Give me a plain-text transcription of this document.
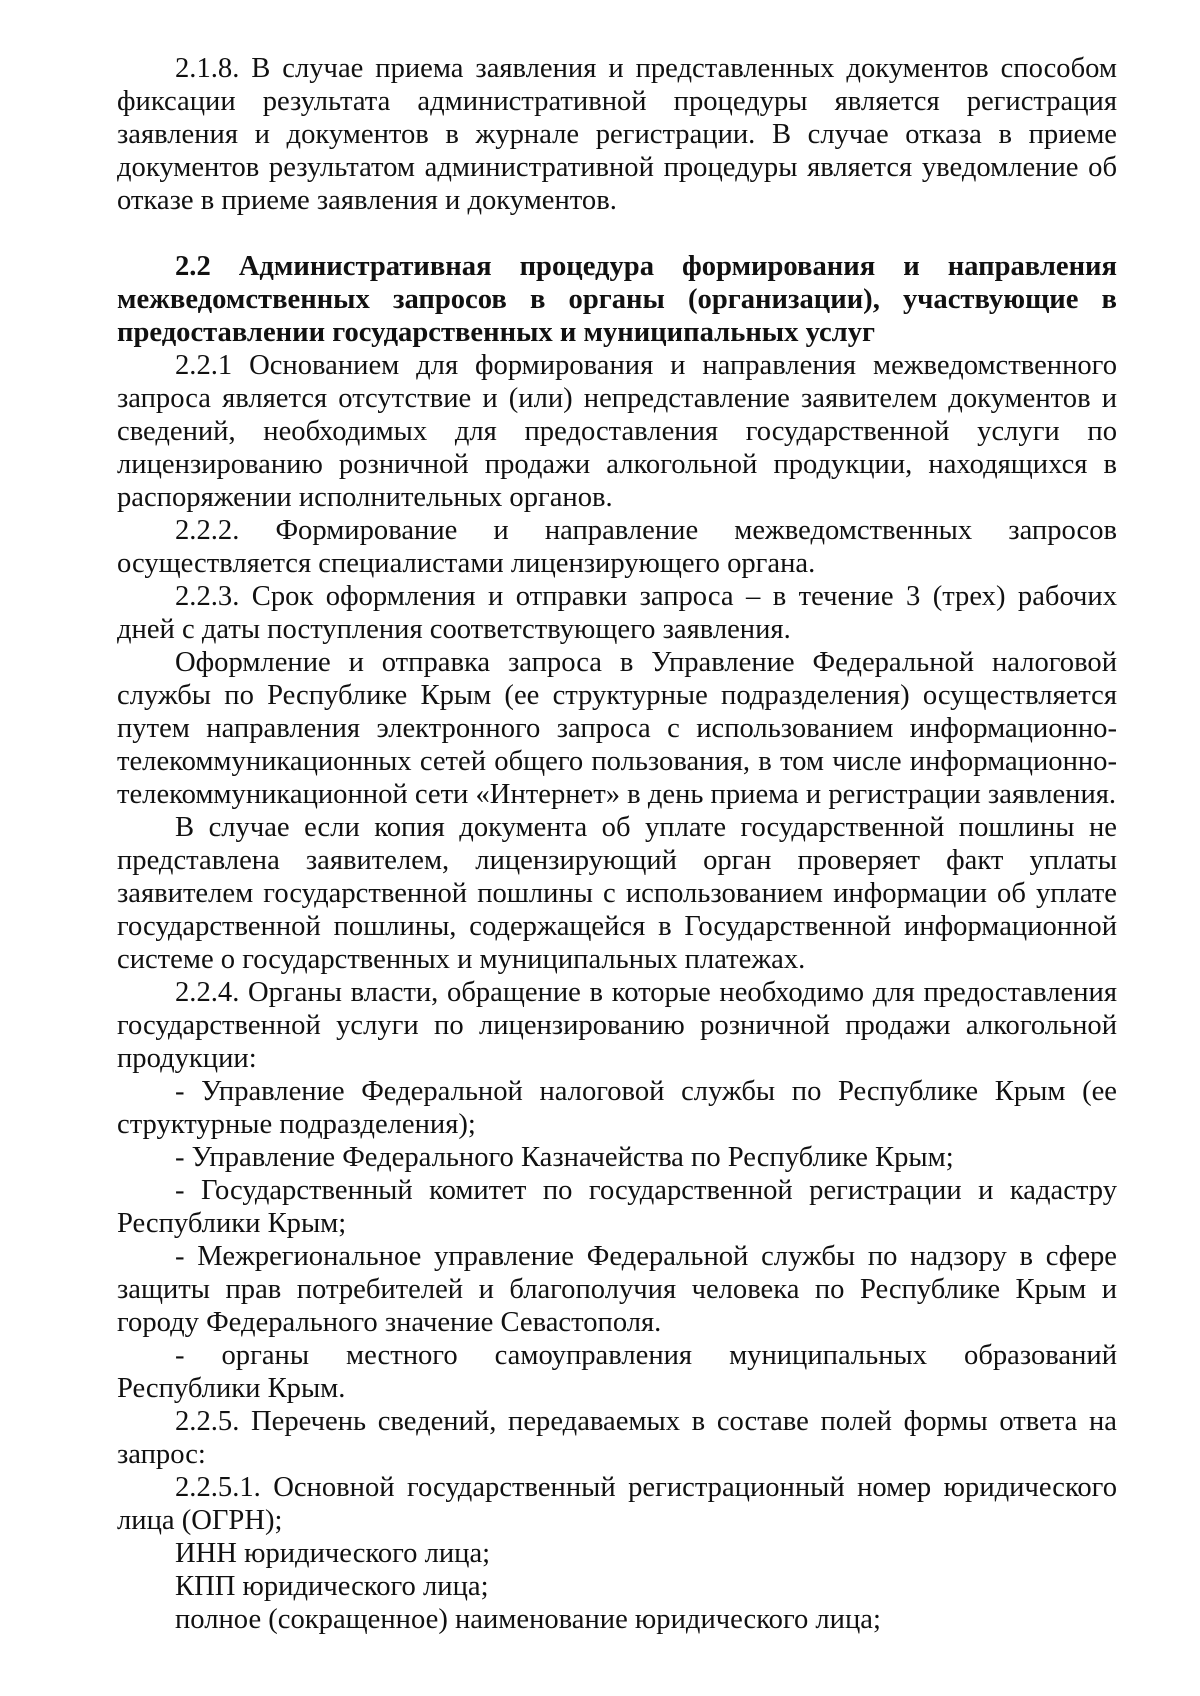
2.1.8. В случае приема заявления и представленных документов способом фиксации результата административной процедуры является регистрация заявления и документов в журнале регистрации. В случае отказа в приеме документов результатом административной процедуры является уведомление об отказе в приеме заявления и документов.

2.2 Административная процедура формирования и направления межведомственных запросов в органы (организации), участвующие в предоставлении государственных и муниципальных услуг

2.2.1 Основанием для формирования и направления межведомственного запроса является отсутствие и (или) непредставление заявителем документов и сведений, необходимых для предоставления государственной услуги по лицензированию розничной продажи алкогольной продукции, находящихся в распоряжении исполнительных органов.

2.2.2. Формирование и направление межведомственных запросов осуществляется специалистами лицензирующего органа.

2.2.3. Срок оформления и отправки запроса – в течение 3 (трех) рабочих дней с даты поступления соответствующего заявления.

Оформление и отправка запроса в Управление Федеральной налоговой службы по Республике Крым (ее структурные подразделения) осуществляется путем направления электронного запроса с использованием информационно-телекоммуникационных сетей общего пользования, в том числе информационно-телекоммуникационной сети «Интернет» в день приема и регистрации заявления.

В случае если копия документа об уплате государственной пошлины не представлена заявителем, лицензирующий орган проверяет факт уплаты заявителем государственной пошлины с использованием информации об уплате государственной пошлины, содержащейся в Государственной информационной системе о государственных и муниципальных платежах.

2.2.4. Органы власти, обращение в которые необходимо для предоставления государственной услуги по лицензированию розничной продажи алкогольной продукции:

- Управление Федеральной налоговой службы по Республике Крым (ее структурные подразделения);

- Управление Федерального Казначейства по Республике Крым;

- Государственный комитет по государственной регистрации и кадастру Республики Крым;

- Межрегиональное управление Федеральной службы по надзору в сфере защиты прав потребителей и благополучия человека по Республике Крым и городу Федерального значение Севастополя.

- органы местного самоуправления муниципальных образований Республики Крым.

2.2.5. Перечень сведений, передаваемых в составе полей формы ответа на запрос:

2.2.5.1. Основной государственный регистрационный номер юридического лица (ОГРН);

ИНН юридического лица;

КПП юридического лица;

полное (сокращенное) наименование юридического лица;
